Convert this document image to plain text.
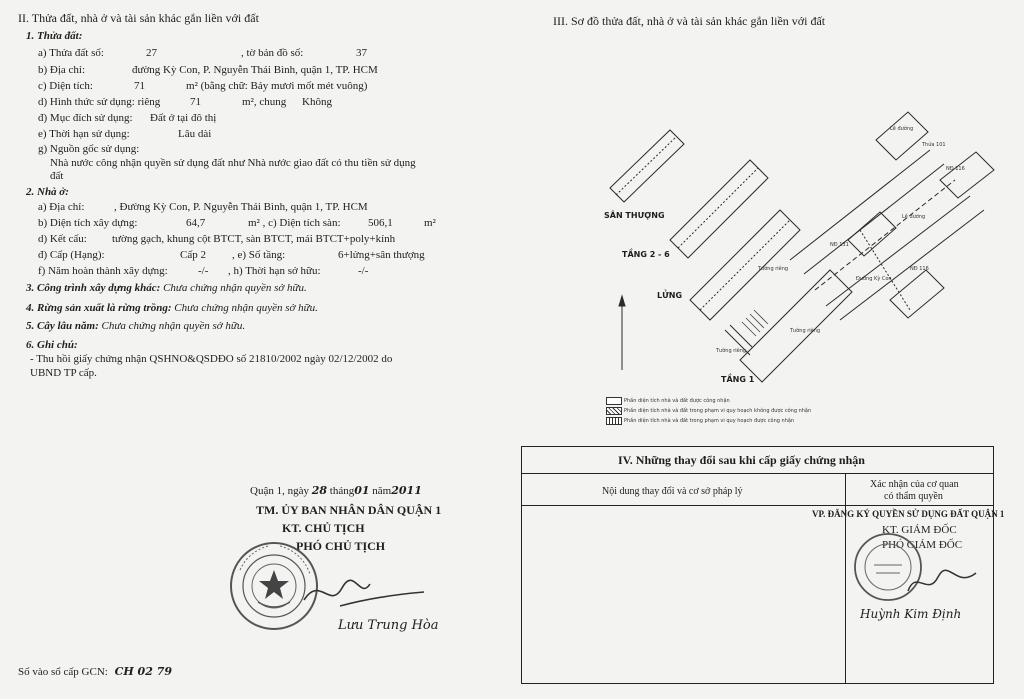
II. Thửa đất, nhà ở và tài sản khác gắn liền với đất
1. Thửa đất:
a) Thửa đất số:	27	, tờ bản đồ số:	37
b) Địa chỉ:	đường Kỳ Con, P. Nguyễn Thái Bình, quận 1, TP. HCM
c) Diện tích:	71	m² (bằng chữ: Bảy mươi mốt mét vuông)
d) Hình thức sử dụng: riêng	71	m², chung Không
đ) Mục đích sử dụng: Đất ở tại đô thị
e) Thời hạn sử dụng:	Lâu dài
g) Nguồn gốc sử dụng:
Nhà nước công nhận quyền sử dụng đất như Nhà nước giao đất có thu tiền sử dụng
đất
2. Nhà ở:
a) Địa chỉ:	, Đường Kỳ Con, P. Nguyễn Thái Bình, quận 1, TP. HCM
b) Diện tích xây dựng:	64,7	m² , c) Diện tích sàn:	506,1	m²
d) Kết cấu: tường gạch, khung cột BTCT, sàn BTCT, mái BTCT+poly+kính
đ) Cấp (Hạng):	Cấp 2 , e) Số tầng:	6+lửng+sân thượng
f) Năm hoàn thành xây dựng:	-/- , h) Thời hạn sở hữu:	-/-
3. Công trình xây dựng khác: Chưa chứng nhận quyền sở hữu.
4. Rừng sản xuất là rừng trồng: Chưa chứng nhận quyền sở hữu.
5. Cây lâu năm: Chưa chứng nhận quyền sở hữu.
6. Ghi chú:
- Thu hồi giấy chứng nhận QSHNO&QSDĐO số 21810/2002 ngày 02/12/2002 do
UBND TP cấp.
Quận 1, ngày 28 tháng01 năm2011
TM. ỦY BAN NHÂN DÂN QUẬN 1
KT. CHỦ TỊCH
PHÓ CHỦ TỊCH
Lưu Trung Hòa
Số vào sổ cấp GCN: CH 02 79
III. Sơ đồ thửa đất, nhà ở và tài sản khác gắn liền với đất
Lề đường
Thửa 101
NĐ 116
Lề đường
NĐ 116
NĐ 131
Đường Kỳ Con
Tường riêng
Tường riêng
Tường riêng
SÂN THƯỢNG
TẦNG 2 - 6
LỬNG
TẦNG 1
Phần diện tích nhà và đất được công nhận
Phần diện tích nhà và đất trong phạm vi quy hoạch không được công nhận
Phần diện tích nhà và đất trong phạm vi quy hoạch được công nhận
IV. Những thay đổi sau khi cấp giấy chứng nhận
Nội dung thay đổi và cơ sở pháp lý
Xác nhận của cơ quan
có thẩm quyền
VP. ĐĂNG KÝ QUYỀN SỬ DỤNG ĐẤT QUẬN 1
KT. GIÁM ĐỐC
PHÓ GIÁM ĐỐC
Huỳnh Kim Định
